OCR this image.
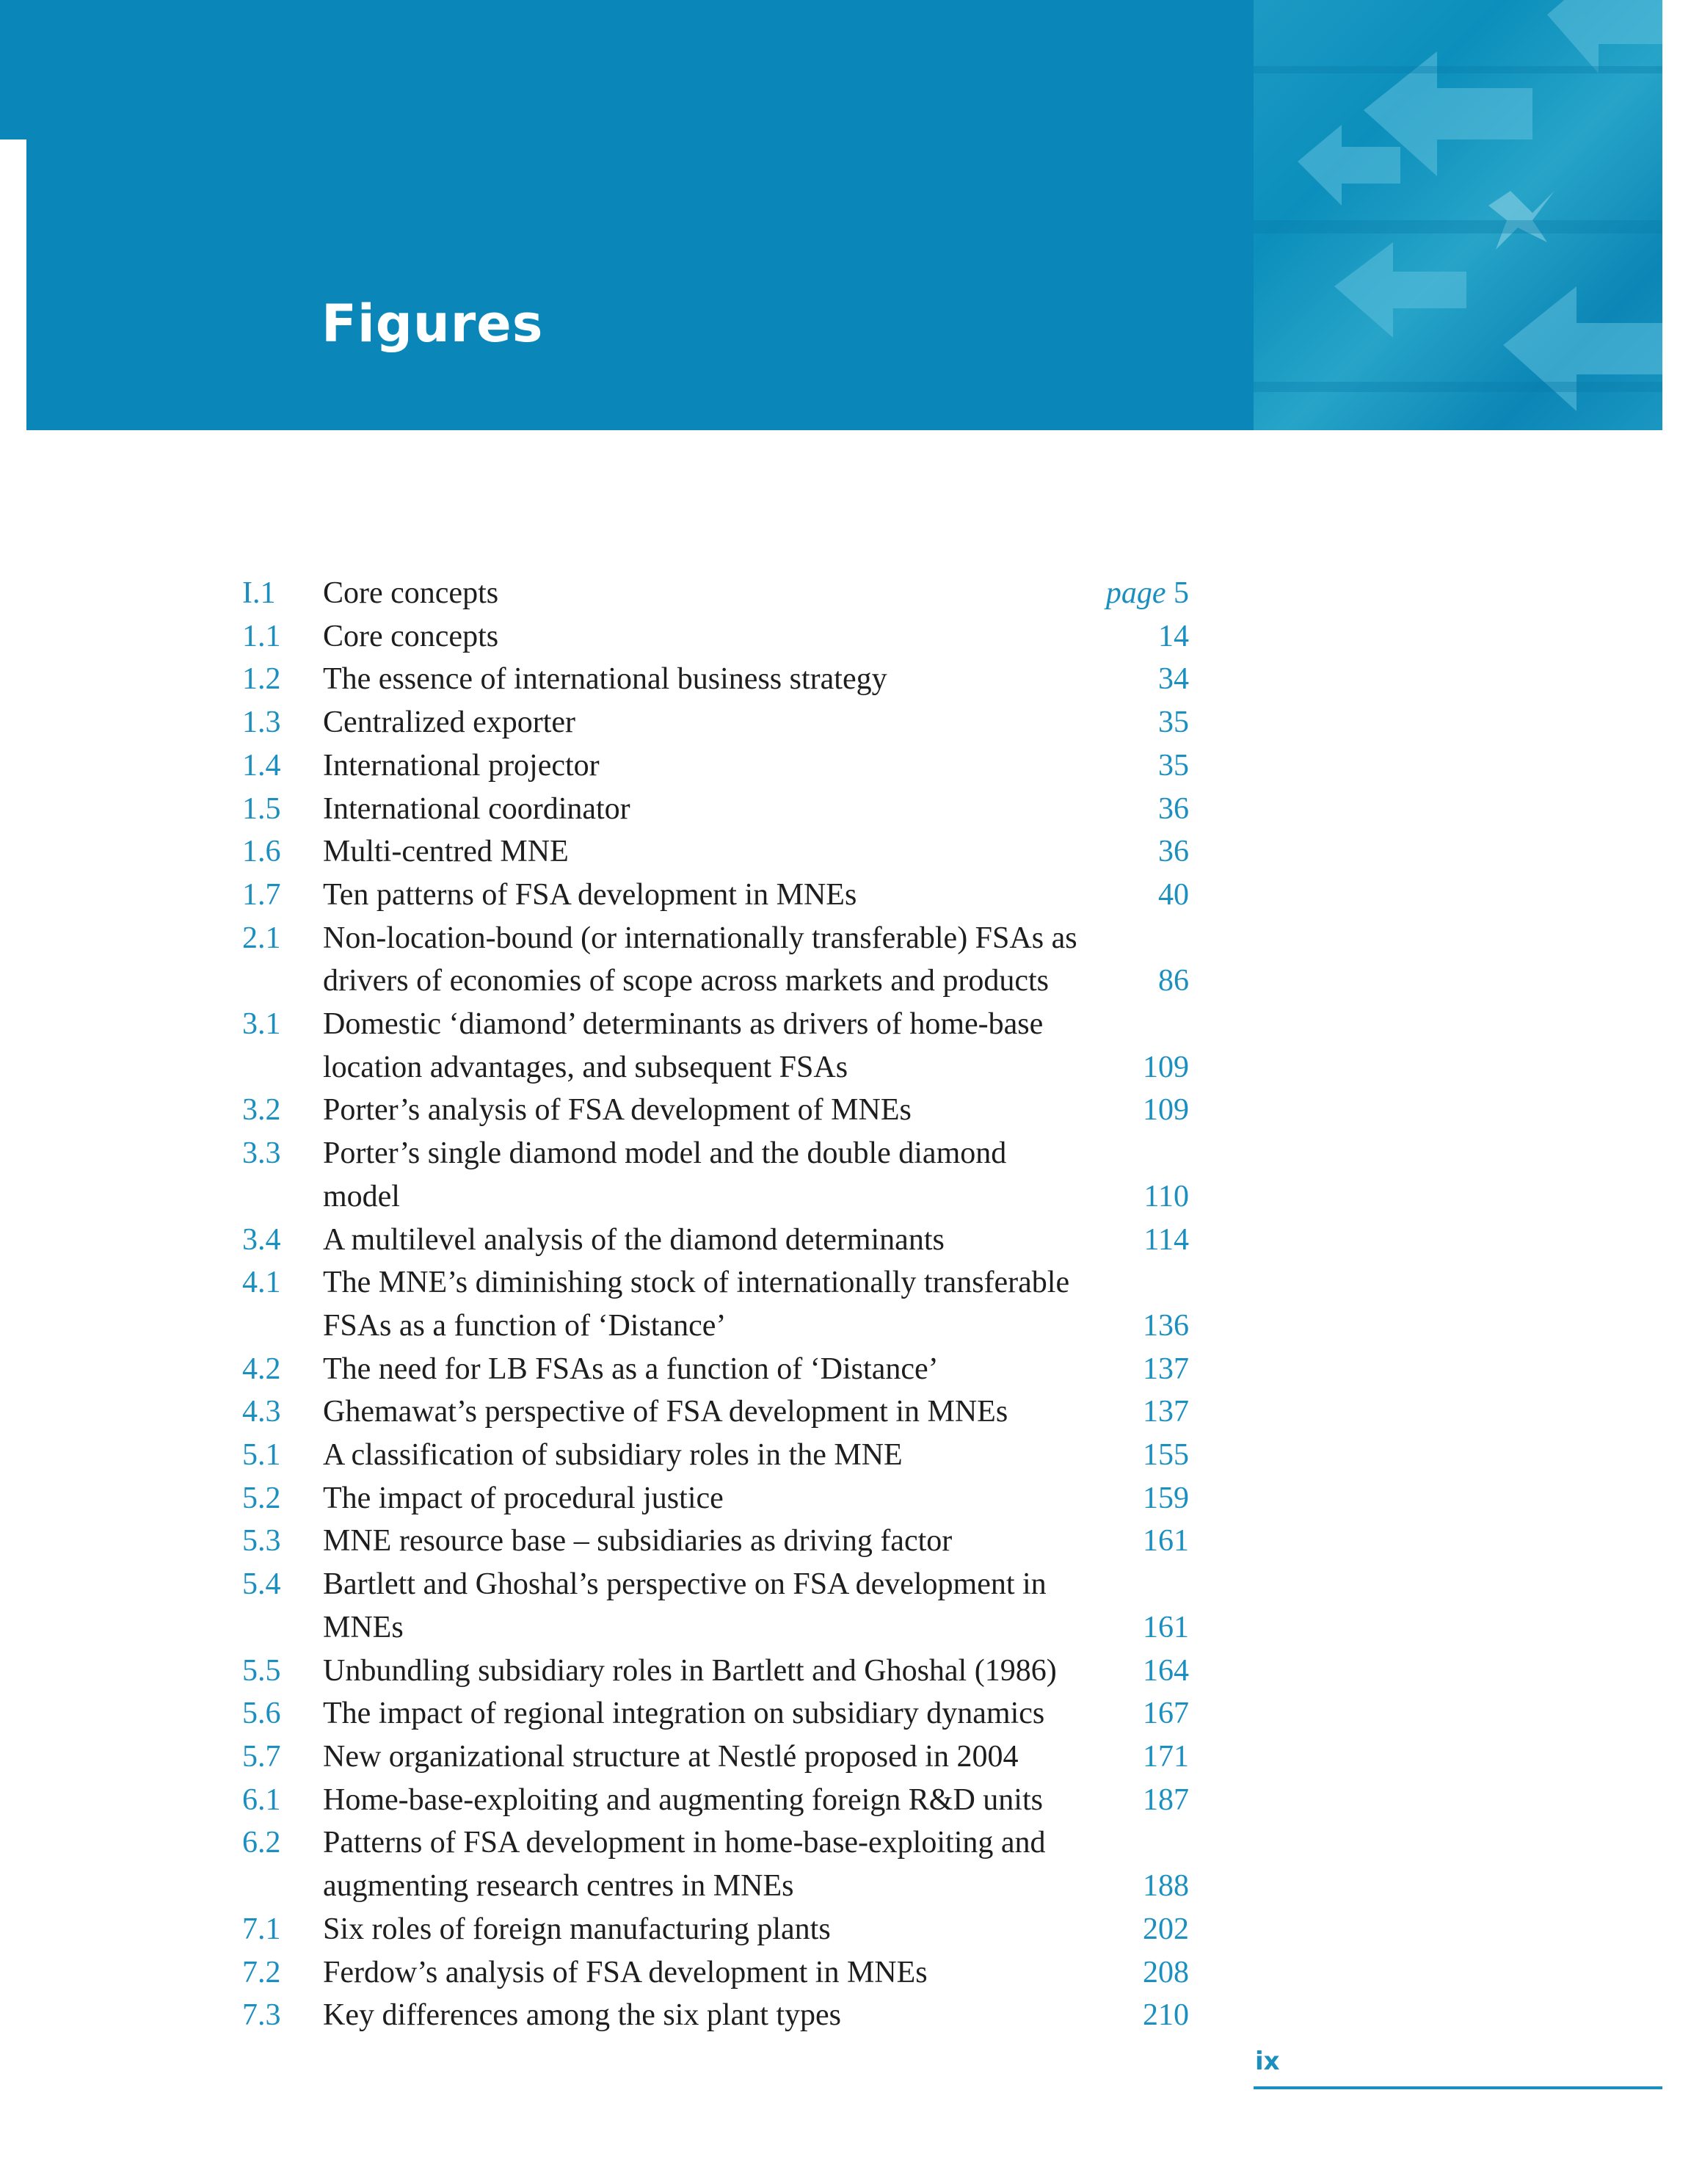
Figures
I.1	Core concepts	page 5
1.1	Core concepts	14
1.2	The essence of international business strategy	34
1.3	Centralized exporter	35
1.4	International projector	35
1.5	International coordinator	36
1.6	Multi-centred MNE	36
1.7	Ten patterns of FSA development in MNEs	40
2.1	Non-location-bound (or internationally transferable) FSAs as
drivers of economies of scope across markets and products	86
3.1	Domestic ‘diamond’ determinants as drivers of home-base
location advantages, and subsequent FSAs	109
3.2	Porter’s analysis of FSA development of MNEs	109
3.3	Porter’s single diamond model and the double diamond
model	110
3.4	A multilevel analysis of the diamond determinants	114
4.1	The MNE’s diminishing stock of internationally transferable
FSAs as a function of ‘Distance’	136
4.2	The need for LB FSAs as a function of ‘Distance’	137
4.3	Ghemawat’s perspective of FSA development in MNEs	137
5.1	A classification of subsidiary roles in the MNE	155
5.2	The impact of procedural justice	159
5.3	MNE resource base – subsidiaries as driving factor	161
5.4	Bartlett and Ghoshal’s perspective on FSA development in
MNEs	161
5.5	Unbundling subsidiary roles in Bartlett and Ghoshal (1986)	164
5.6	The impact of regional integration on subsidiary dynamics	167
5.7	New organizational structure at Nestlé proposed in 2004	171
6.1	Home-base-exploiting and augmenting foreign R&D units	187
6.2	Patterns of FSA development in home-base-exploiting and
augmenting research centres in MNEs	188
7.1	Six roles of foreign manufacturing plants	202
7.2	Ferdow’s analysis of FSA development in MNEs	208
7.3	Key differences among the six plant types	210
ix
